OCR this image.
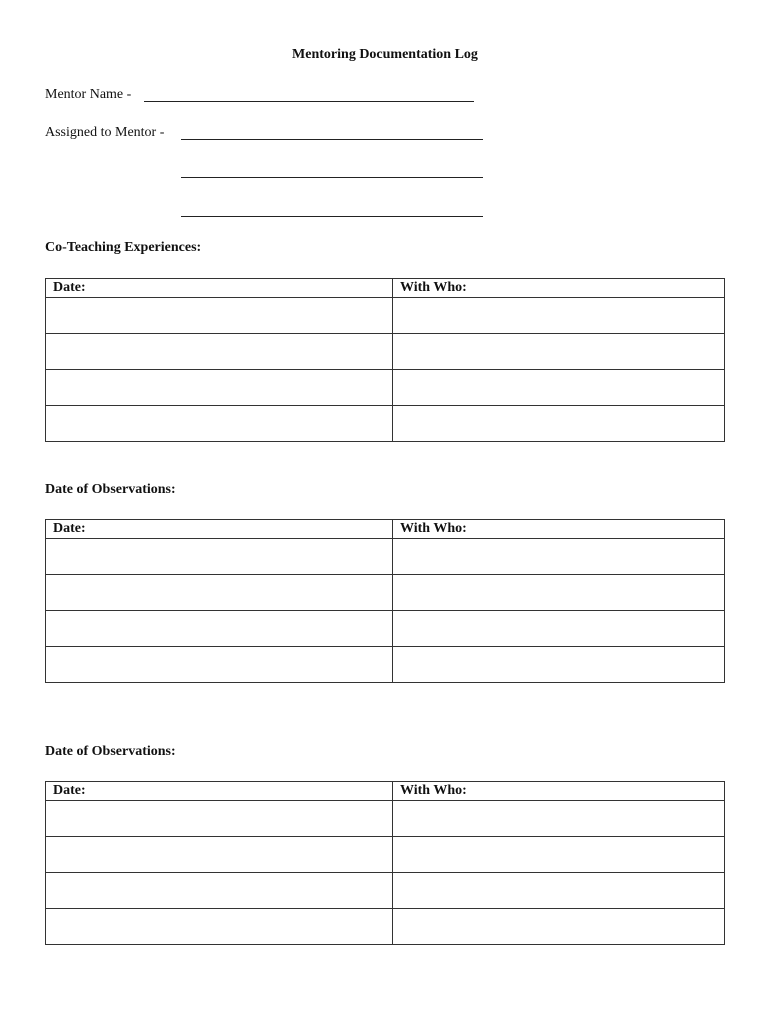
Mentoring Documentation Log
Mentor Name -
Assigned to Mentor -
Co-Teaching Experiences:
Date:	With Who:

Date of Observations:
Date:	With Who:

Date of Observations:
Date:	With Who:
